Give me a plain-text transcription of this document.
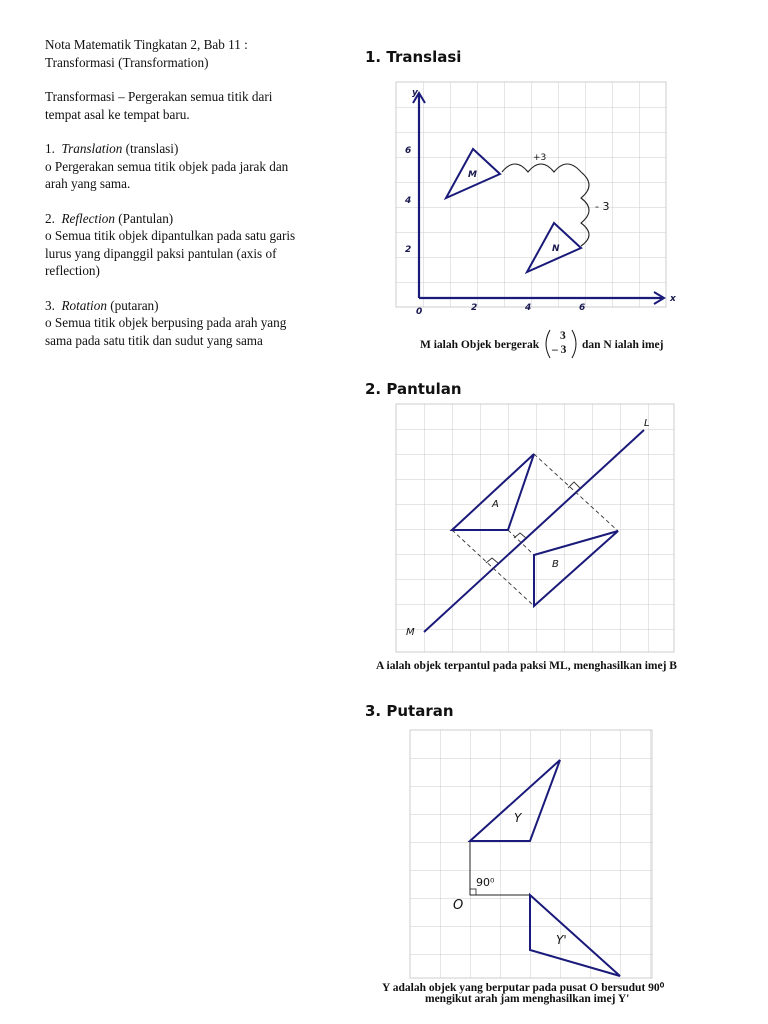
Nota Matematik Tingkatan 2, Bab 11 :
Transformasi (Transformation)

Transformasi – Pergerakan semua titik dari
tempat asal ke tempat baru.

1. Translation (translasi)
o Pergerakan semua titik objek pada jarak dan
arah yang sama.

2. Reflection (Pantulan)
o Semua titik objek dipantulkan pada satu garis
lurus yang dipanggil paksi pantulan (axis of
reflection)

3. Rotation (putaran)
o Semua titik objek berpusing pada arah yang
sama pada satu titik dan sudut yang sama

1. Translasi
x
y
0	2	4	6
2
4
6
M
N
+3
- 3
M ialah Objek bergerak
3
– 3 dan N ialah imej
2. Pantulan
L
M
A
B
A ialah objek terpantul pada paksi ML, menghasilkan imej B
3. Putaran
90⁰
O
Y
Y'
Y adalah objek yang berputar pada pusat O bersudut 90⁰
mengikut arah jam menghasilkan imej Y'
